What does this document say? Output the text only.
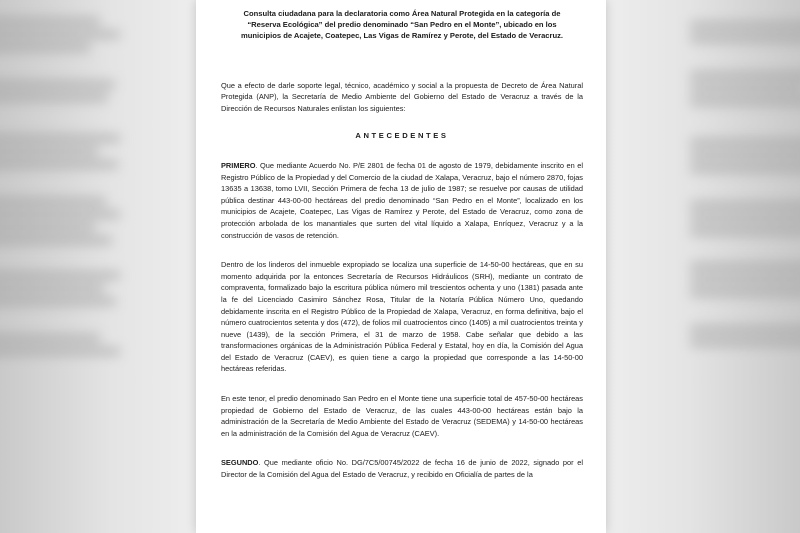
Consulta ciudadana para la declaratoria como Área Natural Protegida en la categoría de “Reserva Ecológica” del predio denominado “San Pedro en el Monte”, ubicado en los municipios de Acajete, Coatepec, Las Vigas de Ramírez y Perote, del Estado de Veracruz.

Que a efecto de darle soporte legal, técnico, académico y social a la propuesta de Decreto de Área Natural Protegida (ANP), la Secretaría de Medio Ambiente del Gobierno del Estado de Veracruz a través de la Dirección de Recursos Naturales enlistan los siguientes:

ANTECEDENTES

PRIMERO. Que mediante Acuerdo No. P/E 2801 de fecha 01 de agosto de 1979, debidamente inscrito en el Registro Público de la Propiedad y del Comercio de la ciudad de Xalapa, Veracruz, bajo el número 2870, fojas 13635 a 13638, tomo LVII, Sección Primera de fecha 13 de julio de 1987; se resuelve por causas de utilidad pública destinar 443-00-00 hectáreas del predio denominado “San Pedro en el Monte”, localizado en los municipios de Acajete, Coatepec, Las Vigas de Ramírez y Perote, del Estado de Veracruz, como zona de protección arbolada de los manantiales que surten del vital líquido a Xalapa, Enríquez, Veracruz y a la construcción de vasos de retención.

Dentro de los linderos del inmueble expropiado se localiza una superficie de 14-50-00 hectáreas, que en su momento adquirida por la entonces Secretaría de Recursos Hidráulicos (SRH), mediante un contrato de compraventa, formalizado bajo la escritura pública número mil trescientos ochenta y uno (1381) pasada ante la fe del Licenciado Casimiro Sánchez Rosa, Titular de la Notaría Pública Número Uno, quedando debidamente inscrita en el Registro Público de la Propiedad de Xalapa, Veracruz, en forma definitiva, bajo el número cuatrocientos setenta y dos (472), de folios mil cuatrocientos cinco (1405) a mil cuatrocientos treinta y nueve (1439), de la sección Primera, el 31 de marzo de 1958. Cabe señalar que debido a las transformaciones orgánicas de la Administración Pública Federal y Estatal, hoy en día, la Comisión del Agua del Estado de Veracruz (CAEV), es quien tiene a cargo la propiedad que corresponde a las 14-50-00 hectáreas referidas.

En este tenor, el predio denominado San Pedro en el Monte tiene una superficie total de 457-50-00 hectáreas propiedad de Gobierno del Estado de Veracruz, de las cuales 443-00-00 hectáreas están bajo la administración de la Secretaría de Medio Ambiente del Estado de Veracruz (SEDEMA) y 14-50-00 hectáreas en la administración de la Comisión del Agua de Veracruz (CAEV).

SEGUNDO. Que mediante oficio No. DG/7C5/00745/2022 de fecha 16 de junio de 2022, signado por el Director de la Comisión del Agua del Estado de Veracruz, y recibido en Oficialía de partes de la
